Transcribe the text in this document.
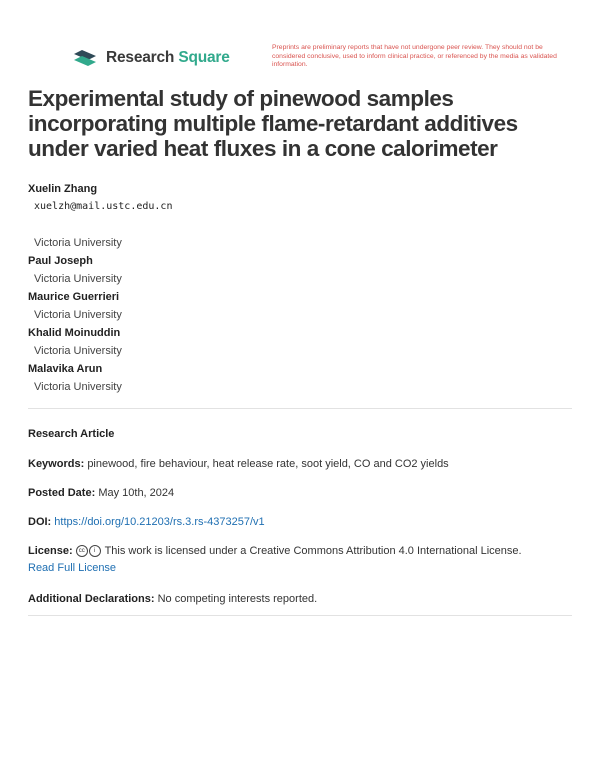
Research Square
Preprints are preliminary reports that have not undergone peer review. They should not be considered conclusive, used to inform clinical practice, or referenced by the media as validated information.
Experimental study of pinewood samples incorporating multiple flame-retardant additives under varied heat fluxes in a cone calorimeter
Xuelin Zhang
xuelzh@mail.ustc.edu.cn
Victoria University
Paul Joseph
Victoria University
Maurice Guerrieri
Victoria University
Khalid Moinuddin
Victoria University
Malavika Arun
Victoria University
Research Article
Keywords: pinewood, fire behaviour, heat release rate, soot yield, CO and CO2 yields
Posted Date: May 10th, 2024
DOI: https://doi.org/10.21203/rs.3.rs-4373257/v1
License: cc i This work is licensed under a Creative Commons Attribution 4.0 International License.
Read Full License
Additional Declarations: No competing interests reported.
